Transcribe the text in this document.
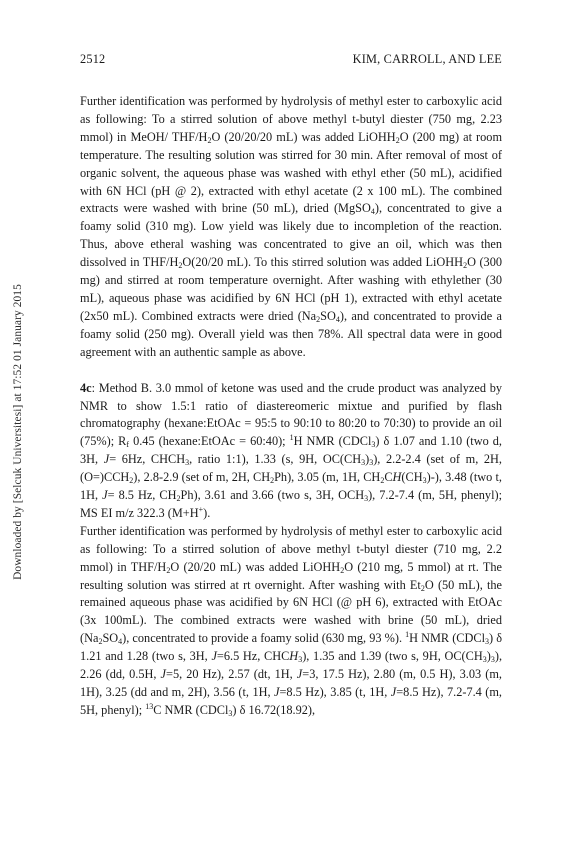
Downloaded by [Selcuk Universitesi] at 17:52 01 January 2015
2512	KIM, CARROLL, AND LEE

Further identification was performed by hydrolysis of methyl ester to carboxylic acid as following: To a stirred solution of above methyl t-butyl diester (750 mg, 2.23 mmol) in MeOH/ THF/$H_2O$ (20/20/20 mL) was added LiOHH$_2$O (200 mg) at room temperature. The resulting solution was stirred for 30 min. After removal of most of organic solvent, the aqueous phase was washed with ethyl ether (50 mL), acidified with 6N HCl (pH @ 2), extracted with ethyl acetate (2 x 100 mL). The combined extracts were washed with brine (50 mL), dried (MgSO$_4$), concentrated to give a foamy solid (310 mg). Low yield was likely due to incompletion of the reaction. Thus, above etheral washing was concentrated to give an oil, which was then dissolved in THF/$H_2O(20/20$ mL). To this stirred solution was added LiOHH$_2$O (300 mg) and stirred at room temperature overnight. After washing with ethylether (30 mL), aqueous phase was acidified by 6N HCl (pH 1), extracted with ethyl acetate (2x50 mL). Combined extracts were dried $(Na_2SO_4)$, and concentrated to provide a foamy solid (250 mg). Overall yield was then 78%. All spectral data were in good agreement with an authentic sample as above.

4c: Method B. 3.0 mmol of ketone was used and the crude product was analyzed by NMR to show 1.5:1 ratio of diastereomeric mixtue and purified by flash chromatography (hexane:EtOAc = 95:5 to 90:10 to 80:20 to 70:30) to provide an oil (75%); $R_f$ 0.45 (hexane:EtOAc = 60:40); $^1$H NMR (CDCl$_3$) δ 1.07 and 1.10 (two d, 3H, J= 6Hz, $CHCH_3$, ratio 1:1), 1.33 (s, 9H, $OC(CH_3)_3$), 2.2-2.4 (set of m, 2H, $(O=)CCH_2$), 2.8-2.9 (set of m, 2H, $CH_2Ph$), 3.05 (m, 1H, $CH_2CH(CH_3)-$), 3.48 (two t, 1H, J= 8.5 Hz, $CH_2Ph$), 3.61 and 3.66 (two s, 3H, $OCH_3$), 7.2-7.4 (m, 5H, phenyl); MS EI m/z 322.3 (M+H+).

Further identification was performed by hydrolysis of methyl ester to carboxylic acid as following: To a stirred solution of above methyl t-butyl diester (710 mg, 2.2 mmol) in THF/$H_2O$ (20/20 mL) was added LiOHH$_2$O (210 mg, 5 mmol) at rt. The resulting solution was stirred at rt overnight. After washing with $Et_2O$ (50 mL), the remained aqueous phase was acidified by 6N HCl (@ pH 6), extracted with EtOAc (3x 100mL). The combined extracts were washed with brine (50 mL), dried $(Na_2SO_4)$, concentrated to provide a foamy solid (630 mg, 93 %). $^1$H NMR (CDCl$_3$) δ 1.21 and 1.28 (two s, 3H, J=6.5 Hz, $CHCH_3$), 1.35 and 1.39 (two s, 9H, $OC(CH_3)_3$), 2.26 (dd, 0.5H, J=5, 20 Hz), 2.57 (dt, 1H, J=3, 17.5 Hz), 2.80 (m, 0.5 H), 3.03 (m, 1H), 3.25 (dd and m, 2H), 3.56 (t, 1H, J=8.5 Hz), 3.85 (t, 1H, J=8.5 Hz), 7.2-7.4 (m, 5H, phenyl); $^{13}$C NMR (CDCl$_3$) δ 16.72(18.92),
